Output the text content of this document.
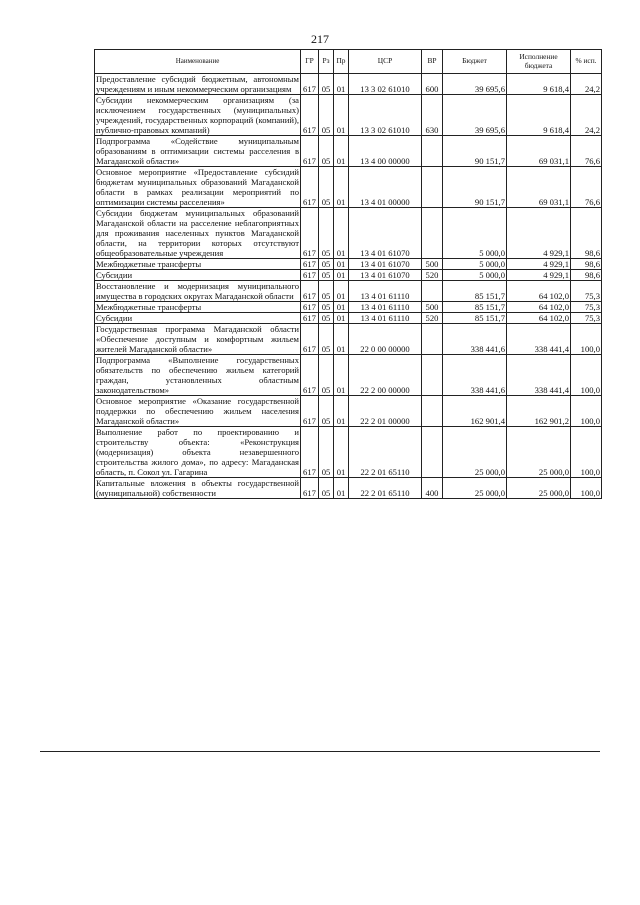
217
Наименование	ГР	Рз	Пр	ЦСР	ВР	Бюджет	Исполнение бюджета	% исп.
Предоставление субсидий бюджетным, автономным учреждениям и иным некоммерческим организациям	617	05	01	13 3 02 61010	600	39 695,6	9 618,4	24,2
Субсидии некоммерческим организациям (за исключением государственных (муниципальных) учреждений, государственных корпораций (компаний), публично-правовых компаний)	617	05	01	13 3 02 61010	630	39 695,6	9 618,4	24,2
Подпрограмма «Содействие муниципальным образованиям в оптимизации системы расселения в Магаданской области»	617	05	01	13 4 00 00000		90 151,7	69 031,1	76,6
Основное мероприятие «Предоставление субсидий бюджетам муниципальных образований Магаданской области в рамках реализации мероприятий по оптимизации системы расселения»	617	05	01	13 4 01 00000		90 151,7	69 031,1	76,6
Субсидии бюджетам муниципальных образований Магаданской области на расселение неблагоприятных для проживания населенных пунктов Магаданской области, на территории которых отсутствуют общеобразовательные учреждения	617	05	01	13 4 01 61070		5 000,0	4 929,1	98,6
Межбюджетные трансферты	617	05	01	13 4 01 61070	500	5 000,0	4 929,1	98,6
Субсидии	617	05	01	13 4 01 61070	520	5 000,0	4 929,1	98,6
Восстановление и модернизация муниципального имущества в городских округах Магаданской области	617	05	01	13 4 01 61110		85 151,7	64 102,0	75,3
Межбюджетные трансферты	617	05	01	13 4 01 61110	500	85 151,7	64 102,0	75,3
Субсидии	617	05	01	13 4 01 61110	520	85 151,7	64 102,0	75,3
Государственная программа Магаданской области «Обеспечение доступным и комфортным жильем жителей Магаданской области»	617	05	01	22 0 00 00000		338 441,6	338 441,4	100,0
Подпрограмма «Выполнение государственных обязательств по обеспечению жильем категорий граждан, установленных областным законодательством»	617	05	01	22 2 00 00000		338 441,6	338 441,4	100,0
Основное мероприятие «Оказание государственной поддержки по обеспечению жильем населения Магаданской области»	617	05	01	22 2 01 00000		162 901,4	162 901,2	100,0
Выполнение работ по проектированию и строительству объекта: «Реконструкция (модернизация) объекта незавершенного строительства жилого дома», по адресу: Магаданская область, п. Сокол ул. Гагарина	617	05	01	22 2 01 65110		25 000,0	25 000,0	100,0
Капитальные вложения в объекты государственной (муниципальной) собственности	617	05	01	22 2 01 65110	400	25 000,0	25 000,0	100,0
